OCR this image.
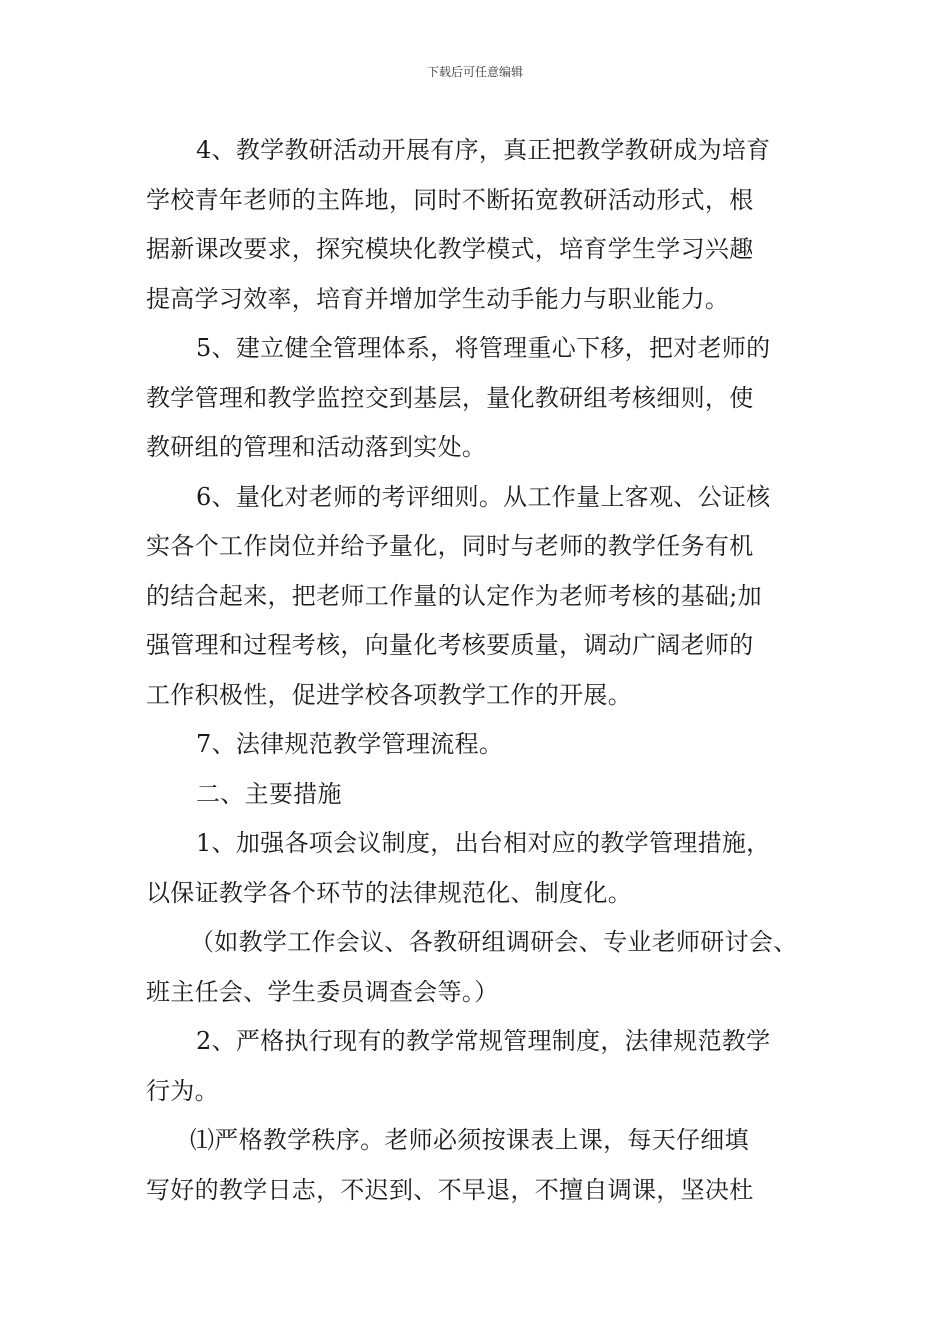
下载后可任意编辑
4、教学教研活动开展有序，真正把教学教研成为培育
学校青年老师的主阵地，同时不断拓宽教研活动形式，根
据新课改要求，探究模块化教学模式，培育学生学习兴趣
提高学习效率，培育并增加学生动手能力与职业能力。
5、建立健全管理体系，将管理重心下移，把对老师的
教学管理和教学监控交到基层，量化教研组考核细则，使
教研组的管理和活动落到实处。
6、量化对老师的考评细则。从工作量上客观、公证核
实各个工作岗位并给予量化，同时与老师的教学任务有机
的结合起来，把老师工作量的认定作为老师考核的基础;加
强管理和过程考核，向量化考核要质量，调动广阔老师的
工作积极性，促进学校各项教学工作的开展。
7、法律规范教学管理流程。
二、主要措施
1、加强各项会议制度，出台相对应的教学管理措施，
以保证教学各个环节的法律规范化、制度化。
（如教学工作会议、各教研组调研会、专业老师研讨会、
班主任会、学生委员调查会等。）
2、严格执行现有的教学常规管理制度，法律规范教学
行为。
⑴严格教学秩序。老师必须按课表上课，每天仔细填
写好的教学日志，不迟到、不早退，不擅自调课，坚决杜
